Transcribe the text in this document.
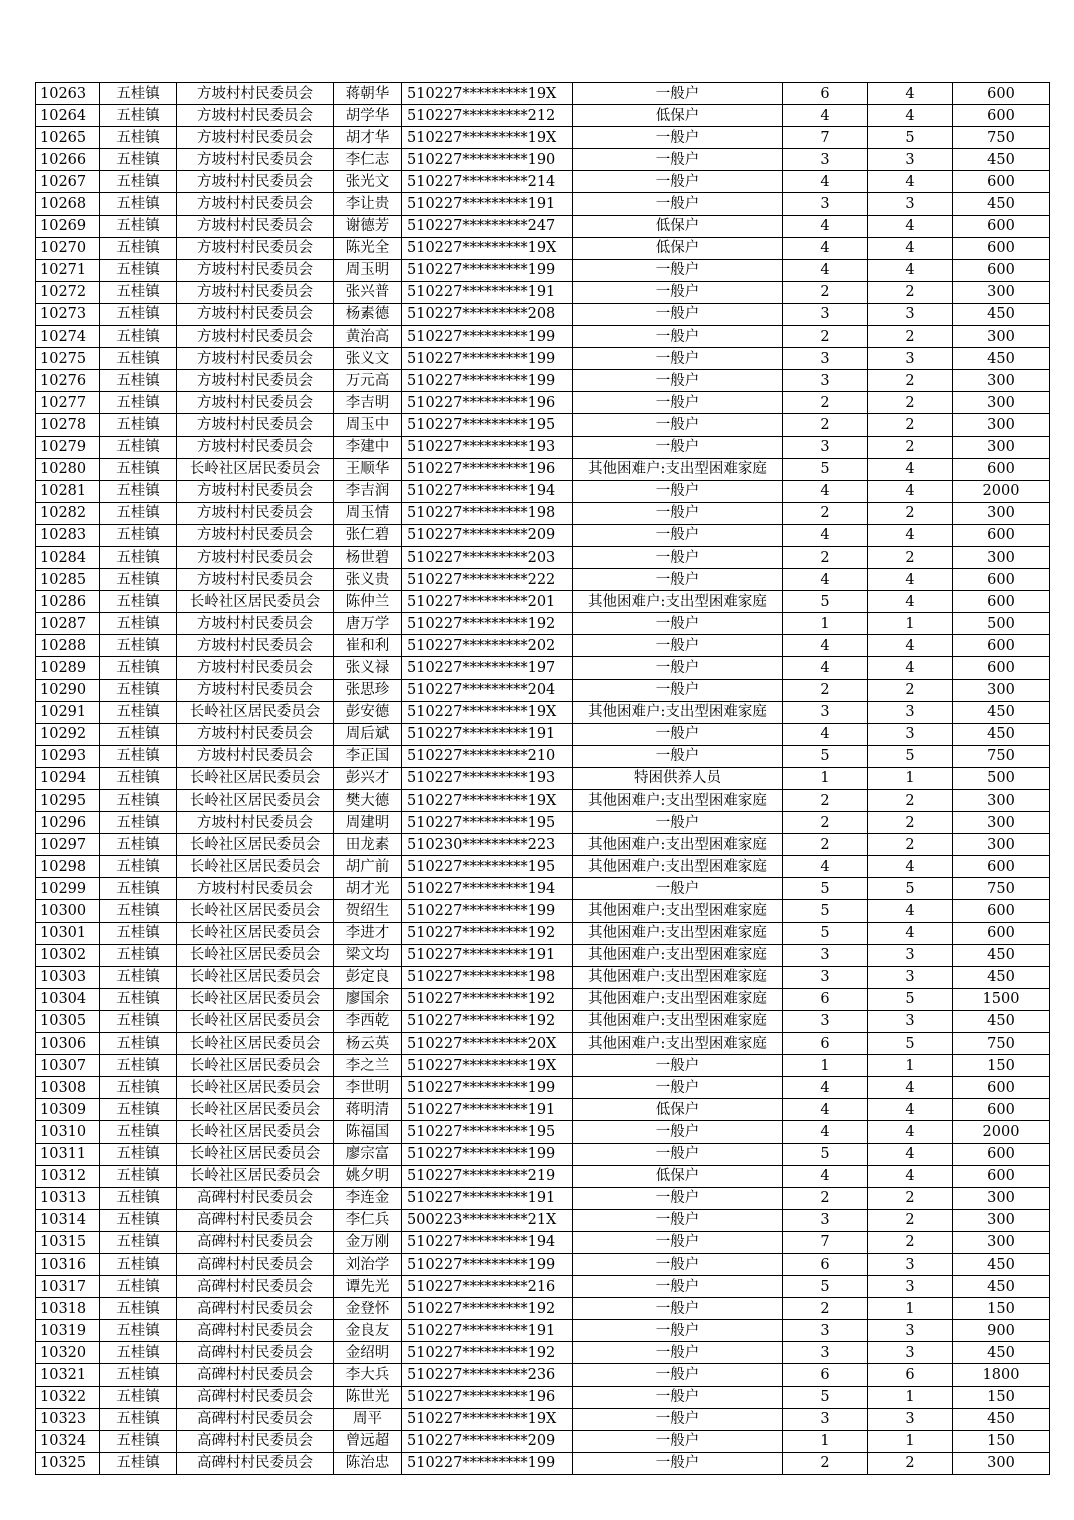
10263	五桂镇	方坡村村民委员会	蒋朝华	510227*********19X	一般户	6	4	600
10264	五桂镇	方坡村村民委员会	胡学华	510227*********212	低保户	4	4	600
10265	五桂镇	方坡村村民委员会	胡才华	510227*********19X	一般户	7	5	750
10266	五桂镇	方坡村村民委员会	李仁志	510227*********190	一般户	3	3	450
10267	五桂镇	方坡村村民委员会	张光文	510227*********214	一般户	4	4	600
10268	五桂镇	方坡村村民委员会	李让贵	510227*********191	一般户	3	3	450
10269	五桂镇	方坡村村民委员会	谢德芳	510227*********247	低保户	4	4	600
10270	五桂镇	方坡村村民委员会	陈光全	510227*********19X	低保户	4	4	600
10271	五桂镇	方坡村村民委员会	周玉明	510227*********199	一般户	4	4	600
10272	五桂镇	方坡村村民委员会	张兴普	510227*********191	一般户	2	2	300
10273	五桂镇	方坡村村民委员会	杨素德	510227*********208	一般户	3	3	450
10274	五桂镇	方坡村村民委员会	黄治高	510227*********199	一般户	2	2	300
10275	五桂镇	方坡村村民委员会	张义文	510227*********199	一般户	3	3	450
10276	五桂镇	方坡村村民委员会	万元高	510227*********199	一般户	3	2	300
10277	五桂镇	方坡村村民委员会	李吉明	510227*********196	一般户	2	2	300
10278	五桂镇	方坡村村民委员会	周玉中	510227*********195	一般户	2	2	300
10279	五桂镇	方坡村村民委员会	李建中	510227*********193	一般户	3	2	300
10280	五桂镇	长岭社区居民委员会	王顺华	510227*********196	其他困难户:支出型困难家庭	5	4	600
10281	五桂镇	方坡村村民委员会	李吉润	510227*********194	一般户	4	4	2000
10282	五桂镇	方坡村村民委员会	周玉情	510227*********198	一般户	2	2	300
10283	五桂镇	方坡村村民委员会	张仁碧	510227*********209	一般户	4	4	600
10284	五桂镇	方坡村村民委员会	杨世碧	510227*********203	一般户	2	2	300
10285	五桂镇	方坡村村民委员会	张义贵	510227*********222	一般户	4	4	600
10286	五桂镇	长岭社区居民委员会	陈仲兰	510227*********201	其他困难户:支出型困难家庭	5	4	600
10287	五桂镇	方坡村村民委员会	唐万学	510227*********192	一般户	1	1	500
10288	五桂镇	方坡村村民委员会	崔和利	510227*********202	一般户	4	4	600
10289	五桂镇	方坡村村民委员会	张义禄	510227*********197	一般户	4	4	600
10290	五桂镇	方坡村村民委员会	张思珍	510227*********204	一般户	2	2	300
10291	五桂镇	长岭社区居民委员会	彭安德	510227*********19X	其他困难户:支出型困难家庭	3	3	450
10292	五桂镇	方坡村村民委员会	周后斌	510227*********191	一般户	4	3	450
10293	五桂镇	方坡村村民委员会	李正国	510227*********210	一般户	5	5	750
10294	五桂镇	长岭社区居民委员会	彭兴才	510227*********193	特困供养人员	1	1	500
10295	五桂镇	长岭社区居民委员会	樊大德	510227*********19X	其他困难户:支出型困难家庭	2	2	300
10296	五桂镇	方坡村村民委员会	周建明	510227*********195	一般户	2	2	300
10297	五桂镇	长岭社区居民委员会	田龙素	510230*********223	其他困难户:支出型困难家庭	2	2	300
10298	五桂镇	长岭社区居民委员会	胡广前	510227*********195	其他困难户:支出型困难家庭	4	4	600
10299	五桂镇	方坡村村民委员会	胡才光	510227*********194	一般户	5	5	750
10300	五桂镇	长岭社区居民委员会	贺绍生	510227*********199	其他困难户:支出型困难家庭	5	4	600
10301	五桂镇	长岭社区居民委员会	李进才	510227*********192	其他困难户:支出型困难家庭	5	4	600
10302	五桂镇	长岭社区居民委员会	梁文均	510227*********191	其他困难户:支出型困难家庭	3	3	450
10303	五桂镇	长岭社区居民委员会	彭定良	510227*********198	其他困难户:支出型困难家庭	3	3	450
10304	五桂镇	长岭社区居民委员会	廖国余	510227*********192	其他困难户:支出型困难家庭	6	5	1500
10305	五桂镇	长岭社区居民委员会	李西乾	510227*********192	其他困难户:支出型困难家庭	3	3	450
10306	五桂镇	长岭社区居民委员会	杨云英	510227*********20X	其他困难户:支出型困难家庭	6	5	750
10307	五桂镇	长岭社区居民委员会	李之兰	510227*********19X	一般户	1	1	150
10308	五桂镇	长岭社区居民委员会	李世明	510227*********199	一般户	4	4	600
10309	五桂镇	长岭社区居民委员会	蒋明清	510227*********191	低保户	4	4	600
10310	五桂镇	长岭社区居民委员会	陈福国	510227*********195	一般户	4	4	2000
10311	五桂镇	长岭社区居民委员会	廖宗富	510227*********199	一般户	5	4	600
10312	五桂镇	长岭社区居民委员会	姚夕明	510227*********219	低保户	4	4	600
10313	五桂镇	高碑村村民委员会	李连金	510227*********191	一般户	2	2	300
10314	五桂镇	高碑村村民委员会	李仁兵	500223*********21X	一般户	3	2	300
10315	五桂镇	高碑村村民委员会	金万刚	510227*********194	一般户	7	2	300
10316	五桂镇	高碑村村民委员会	刘治学	510227*********199	一般户	6	3	450
10317	五桂镇	高碑村村民委员会	谭先光	510227*********216	一般户	5	3	450
10318	五桂镇	高碑村村民委员会	金登怀	510227*********192	一般户	2	1	150
10319	五桂镇	高碑村村民委员会	金良友	510227*********191	一般户	3	3	900
10320	五桂镇	高碑村村民委员会	金绍明	510227*********192	一般户	3	3	450
10321	五桂镇	高碑村村民委员会	李大兵	510227*********236	一般户	6	6	1800
10322	五桂镇	高碑村村民委员会	陈世光	510227*********196	一般户	5	1	150
10323	五桂镇	高碑村村民委员会	周平	510227*********19X	一般户	3	3	450
10324	五桂镇	高碑村村民委员会	曾远超	510227*********209	一般户	1	1	150
10325	五桂镇	高碑村村民委员会	陈治忠	510227*********199	一般户	2	2	300
